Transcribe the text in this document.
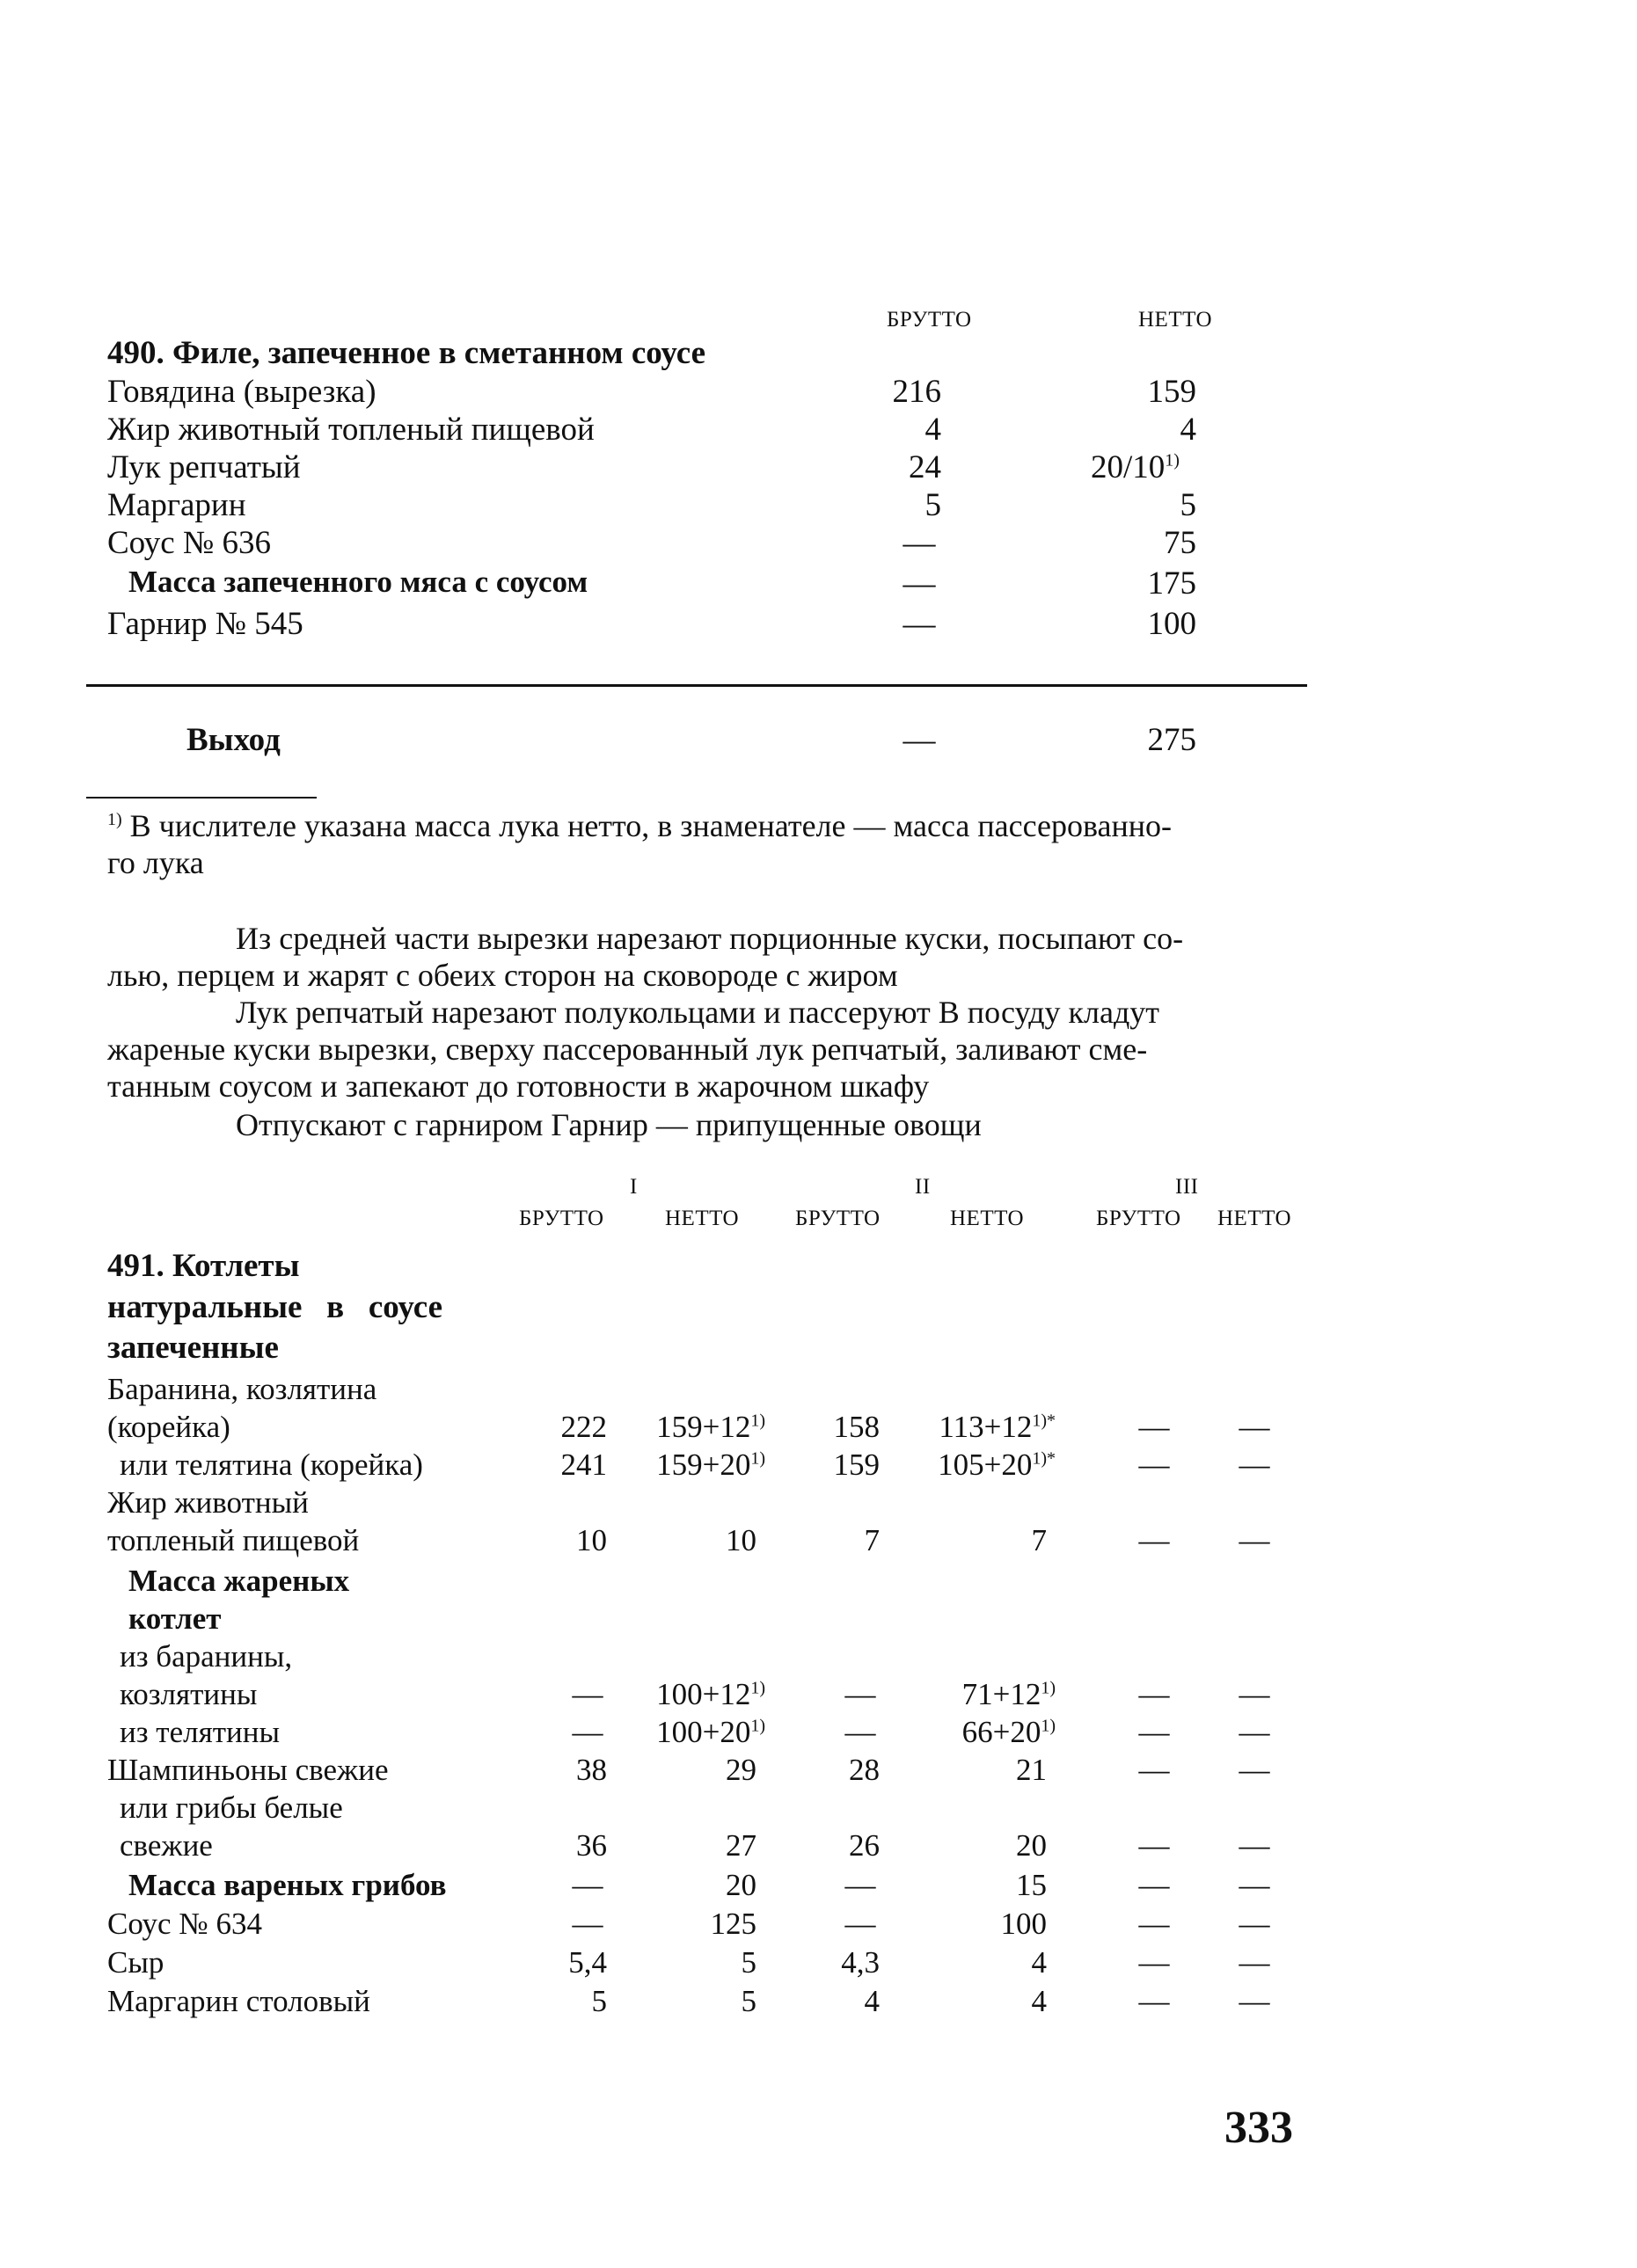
БРУТТО	НЕТТО
490. Филе, запеченное в сметанном соусе
Говядина (вырезка)	216	159
Жир животный топленый пищевой	4	4
Лук репчатый	24	20/10$^{1)}$
Маргарин	5	5
Соус № 636	—	75
Масса запеченного мяса с соусом	—	175
Гарнир № 545	—	100
Выход	—	275
$^{1)}$ В числителе указана масса лука нетто, в знаменателе — масса пассерованно-
го лука
Из средней части вырезки нарезают порционные куски, посыпают со-
лью, перцем и жарят с обеих сторон на сковороде с жиром
Лук репчатый нарезают полукольцами и пассеруют В посуду кладут
жареные куски вырезки, сверху пассерованный лук репчатый, заливают сме-
танным соусом и запекают до готовности в жарочном шкафу
Отпускают с гарниром Гарнир — припущенные овощи
I	II	III
БРУТТО	НЕТТО	БРУТТО	НЕТТО	БРУТТО НЕТТО
491. Котлеты
натуральные   в   соусе
запеченные
Баранина, козлятина
(корейка)	222	159+12$^{1)}$	158	113+12$^{1)*}$	—	—
или телятина (корейка)	241	159+20$^{1)}$	159	105+20$^{1)*}$	—	—
Жир животный
топленый пищевой	10	10	7	7	—	—
Масса жареных
котлет
из баранины,
козлятины	—	100+12$^{1)}$	—	71+12$^{1)}$	—	—
из телятины	—	100+20$^{1)}$	—	66+20$^{1)}$	—	—
Шампиньоны свежие	38	29	28	21	—	—
или грибы белые
свежие	36	27	26	20	—	—
Масса вареных грибов	—	20	—	15	—	—
Соус № 634	—	125	—	100	—	—
Сыр	5,4	5	4,3	4	—	—
Маргарин столовый	5	5	4	4	—	—
333
